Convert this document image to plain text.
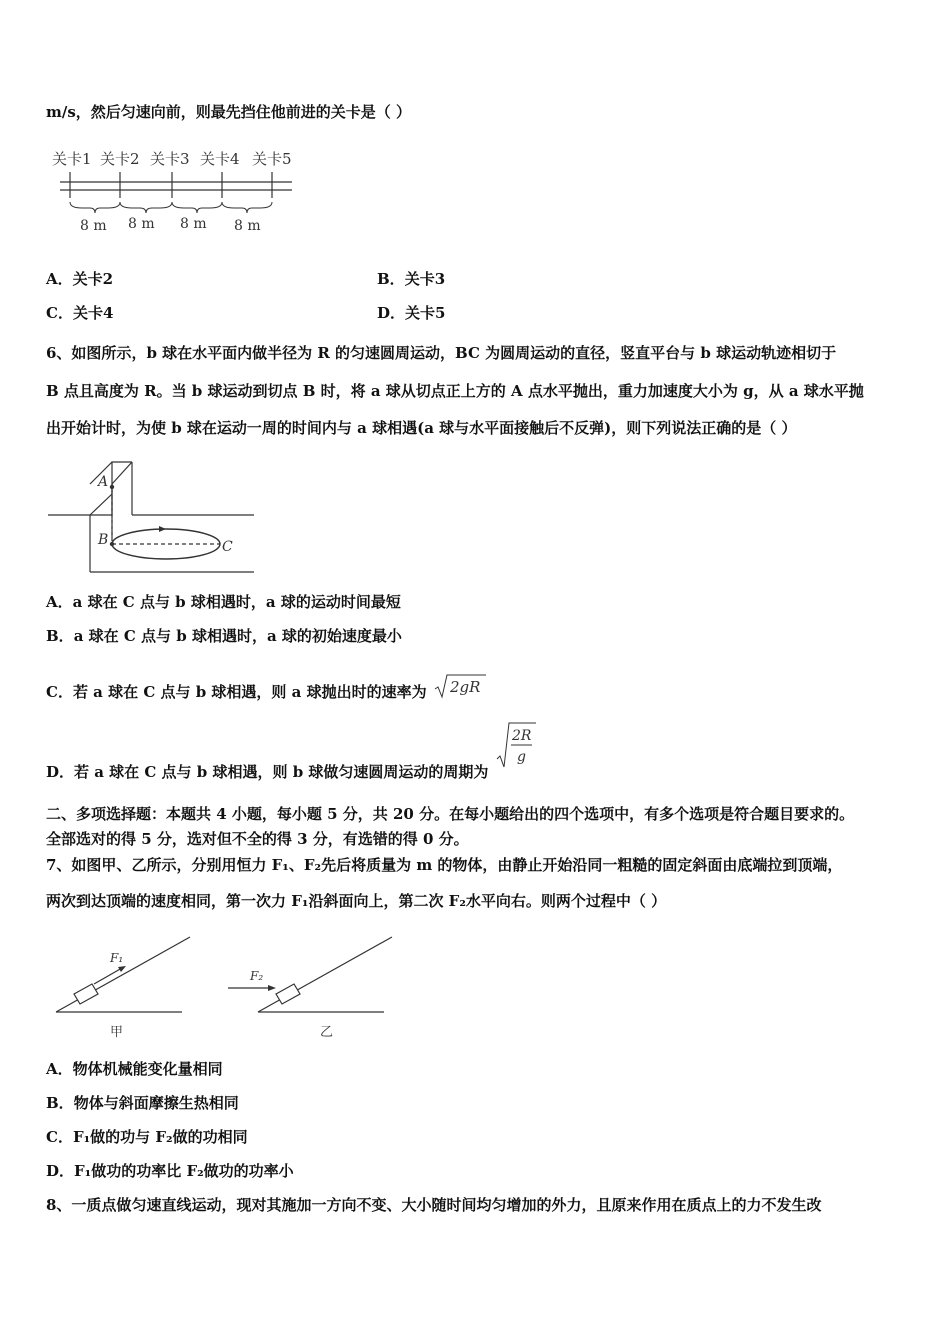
m/s，然后匀速向前，则最先挡住他前进的关卡是（ ）
关卡1 关卡2 关卡3 关卡4 关卡5
8 m 8 m 8 m 8 m
A．关卡2	B．关卡3
C．关卡4	D．关卡5
6、如图所示，b 球在水平面内做半径为 R 的匀速圆周运动，BC 为圆周运动的直径，竖直平台与 b 球运动轨迹相切于
B 点且高度为 R。当 b 球运动到切点 B 时，将 a 球从切点正上方的 A 点水平抛出，重力加速度大小为 g，从 a 球水平抛
出开始计时，为使 b 球在运动一周的时间内与 a 球相遇(a 球与水平面接触后不反弹)，则下列说法正确的是（ ）
A
B	C
A．a 球在 C 点与 b 球相遇时，a 球的运动时间最短
B．a 球在 C 点与 b 球相遇时，a 球的初始速度最小
C．若 a 球在 C 点与 b 球相遇，则 a 球抛出时的速率为 2gR
D．若 a 球在 C 点与 b 球相遇，则 b 球做匀速圆周运动的周期为
2R
g
二、多项选择题：本题共 4 小题，每小题 5 分，共 20 分。在每小题给出的四个选项中，有多个选项是符合题目要求的。
全部选对的得 5 分，选对但不全的得 3 分，有选错的得 0 分。
7、如图甲、乙所示，分别用恒力 F₁、F₂先后将质量为 m 的物体，由静止开始沿同一粗糙的固定斜面由底端拉到顶端，
两次到达顶端的速度相同，第一次力 F₁沿斜面向上，第二次 F₂水平向右。则两个过程中（ ）
F₁
甲
F₂
乙
A．物体机械能变化量相同
B．物体与斜面摩擦生热相同
C．F₁做的功与 F₂做的功相同
D．F₁做功的功率比 F₂做功的功率小
8、一质点做匀速直线运动，现对其施加一方向不变、大小随时间均匀增加的外力，且原来作用在质点上的力不发生改
